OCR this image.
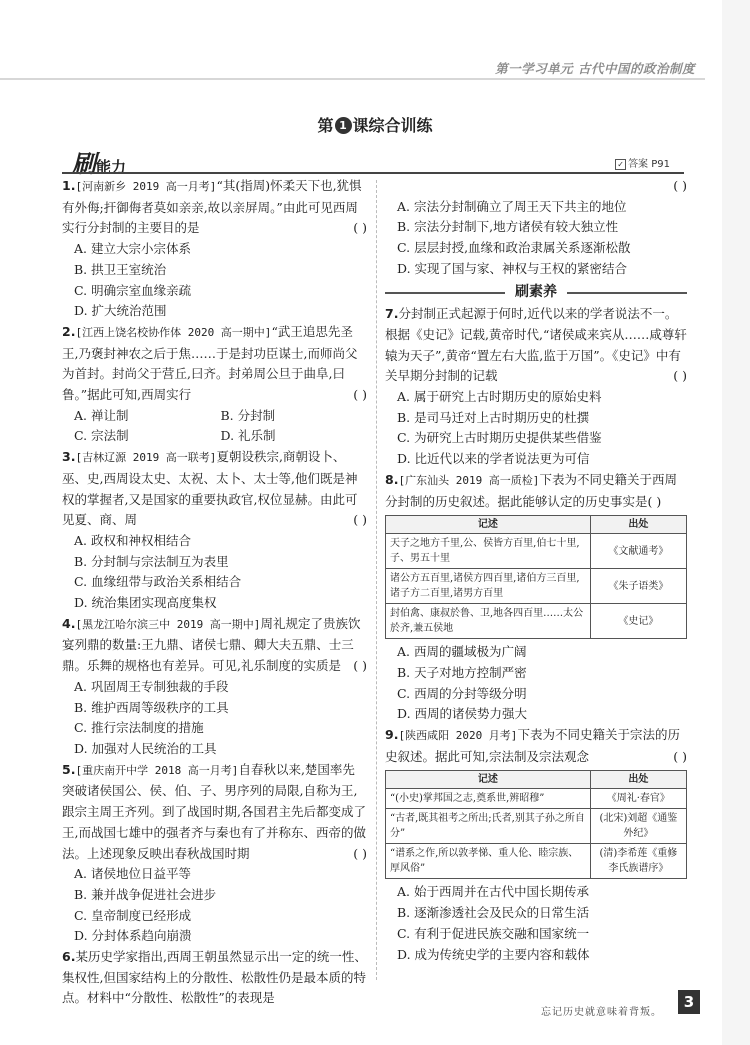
第一学习单元 古代中国的政治制度
第 1 课综合训练
刷能力	✓ 答案 P91
1.[河南新乡 2019 高一月考]“其(指周)怀柔天下也,犹惧有外侮;扞御侮者莫如亲亲,故以亲屏周。”由此可见西周实行分封制的主要目的是	( )
A. 建立大宗小宗体系
B. 拱卫王室统治
C. 明确宗室血缘亲疏
D. 扩大统治范围
2.[江西上饶名校协作体 2020 高一期中]“武王追思先圣王,乃褒封神农之后于焦……于是封功臣谋士,而师尚父为首封。封尚父于营丘,曰齐。封弟周公旦于曲阜,曰鲁。”据此可知,西周实行	( )
A. 禅让制	B. 分封制
C. 宗法制	D. 礼乐制
3.[吉林辽源 2019 高一联考]夏朝设秩宗,商朝设卜、巫、史,西周设太史、太祝、太卜、太士等,他们既是神权的掌握者,又是国家的重要执政官,权位显赫。由此可见夏、商、周	( )
A. 政权和神权相结合
B. 分封制与宗法制互为表里
C. 血缘纽带与政治关系相结合
D. 统治集团实现高度集权
4.[黑龙江哈尔滨三中 2019 高一期中]周礼规定了贵族饮宴列鼎的数量:王九鼎、诸侯七鼎、卿大夫五鼎、士三鼎。乐舞的规格也有差异。可见,礼乐制度的实质是 ( )
A. 巩固周王专制独裁的手段
B. 维护西周等级秩序的工具
C. 推行宗法制度的措施
D. 加强对人民统治的工具
5.[重庆南开中学 2018 高一月考]自春秋以来,楚国率先突破诸侯国公、侯、伯、子、男序列的局限,自称为王,跟宗主周王齐列。到了战国时期,各国君主先后都变成了王,而战国七雄中的强者齐与秦也有了并称东、西帝的做法。上述现象反映出春秋战国时期	( )
A. 诸侯地位日益平等
B. 兼并战争促进社会进步
C. 皇帝制度已经形成
D. 分封体系趋向崩溃
6.某历史学家指出,西周王朝虽然显示出一定的统一性、集权性,但国家结构上的分散性、松散性仍是最本质的特点。材料中“分散性、松散性”的表现是
( )
A. 宗法分封制确立了周王天下共主的地位
B. 宗法分封制下,地方诸侯有较大独立性
C. 层层封授,血缘和政治隶属关系逐渐松散
D. 实现了国与家、神权与王权的紧密结合
刷素养
7.分封制正式起源于何时,近代以来的学者说法不一。根据《史记》记载,黄帝时代,“诸侯咸来宾从……咸尊轩辕为天子”,黄帝“置左右大监,监于万国”。《史记》中有关早期分封制的记载	( )
A. 属于研究上古时期历史的原始史料
B. 是司马迁对上古时期历史的杜撰
C. 为研究上古时期历史提供某些借鉴
D. 比近代以来的学者说法更为可信
8.[广东汕头 2019 高一质检]下表为不同史籍关于西周分封制的历史叙述。据此能够认定的历史事实是( )
记述	出处
天子之地方千里,公、侯皆方百里,伯七十里,子、男五十里	《文献通考》
诸公方五百里,诸侯方四百里,诸伯方三百里,诸子方二百里,诸男方百里	《朱子语类》
封伯禽、康叔於鲁、卫,地各四百里……太公於齐,兼五侯地	《史记》
A. 西周的疆域极为广阔
B. 天子对地方控制严密
C. 西周的分封等级分明
D. 西周的诸侯势力强大
9.[陕西咸阳 2020 月考]下表为不同史籍关于宗法的历史叙述。据此可知,宗法制及宗法观念	( )
记述	出处
“(小史)掌邦国之志,奠系世,辨昭穆”	《周礼·春官》
“古者,既其祖考之所出;氏者,别其子孙之所自分”	(北宋)刘超《通鉴外纪》
“谱系之作,所以敦孝悌、重人伦、睦宗族、厚风俗”	(清)李希莲《重修李氏族谱序》
A. 始于西周并在古代中国长期传承
B. 逐渐渗透社会及民众的日常生活
C. 有利于促进民族交融和国家统一
D. 成为传统史学的主要内容和载体
忘记历史就意味着背叛。
3
